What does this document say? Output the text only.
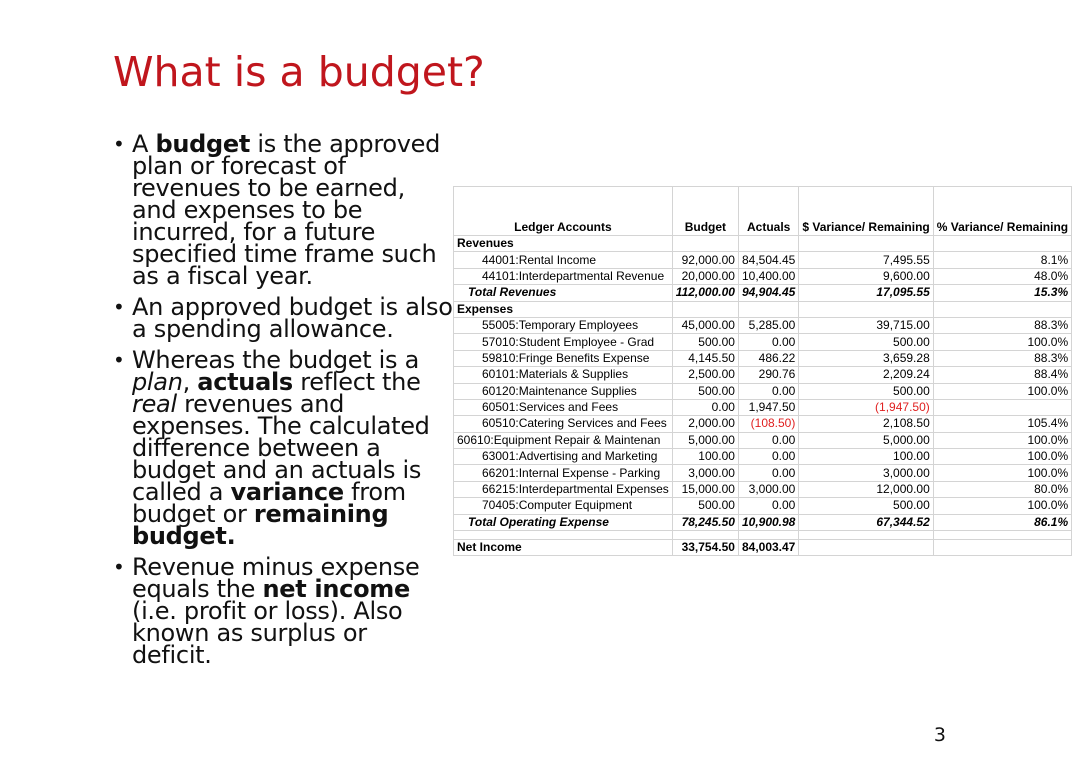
What is a budget?
• A budget is the approved plan or forecast of revenues to be earned, and expenses to be incurred, for a future specified time frame such as a fiscal year.
• An approved budget is also a spending allowance.
• Whereas the budget is a plan, actuals reflect the real revenues and expenses. The calculated difference between a budget and an actuals is called a variance from budget or remaining budget.
• Revenue minus expense equals the net income (i.e. profit or loss). Also known as surplus or deficit.
Ledger Accounts	Budget	Actuals	$ Variance/ Remaining	% Variance/ Remaining
Revenues				
44001:Rental Income	92,000.00	84,504.45	7,495.55	8.1%
44101:Interdepartmental Revenue	20,000.00	10,400.00	9,600.00	48.0%
Total Revenues	112,000.00	94,904.45	17,095.55	15.3%
Expenses				
55005:Temporary Employees	45,000.00	5,285.00	39,715.00	88.3%
57010:Student Employee - Grad	500.00	0.00	500.00	100.0%
59810:Fringe Benefits Expense	4,145.50	486.22	3,659.28	88.3%
60101:Materials & Supplies	2,500.00	290.76	2,209.24	88.4%
60120:Maintenance Supplies	500.00	0.00	500.00	100.0%
60501:Services and Fees	0.00	1,947.50	(1,947.50)	
60510:Catering Services and Fees	2,000.00	(108.50)	2,108.50	105.4%
60610:Equipment Repair & Maintenan	5,000.00	0.00	5,000.00	100.0%
63001:Advertising and Marketing	100.00	0.00	100.00	100.0%
66201:Internal Expense - Parking	3,000.00	0.00	3,000.00	100.0%
66215:Interdepartmental Expenses	15,000.00	3,000.00	12,000.00	80.0%
70405:Computer Equipment	500.00	0.00	500.00	100.0%
Total Operating Expense	78,245.50	10,900.98	67,344.52	86.1%

Net Income	33,754.50	84,003.47		
3
